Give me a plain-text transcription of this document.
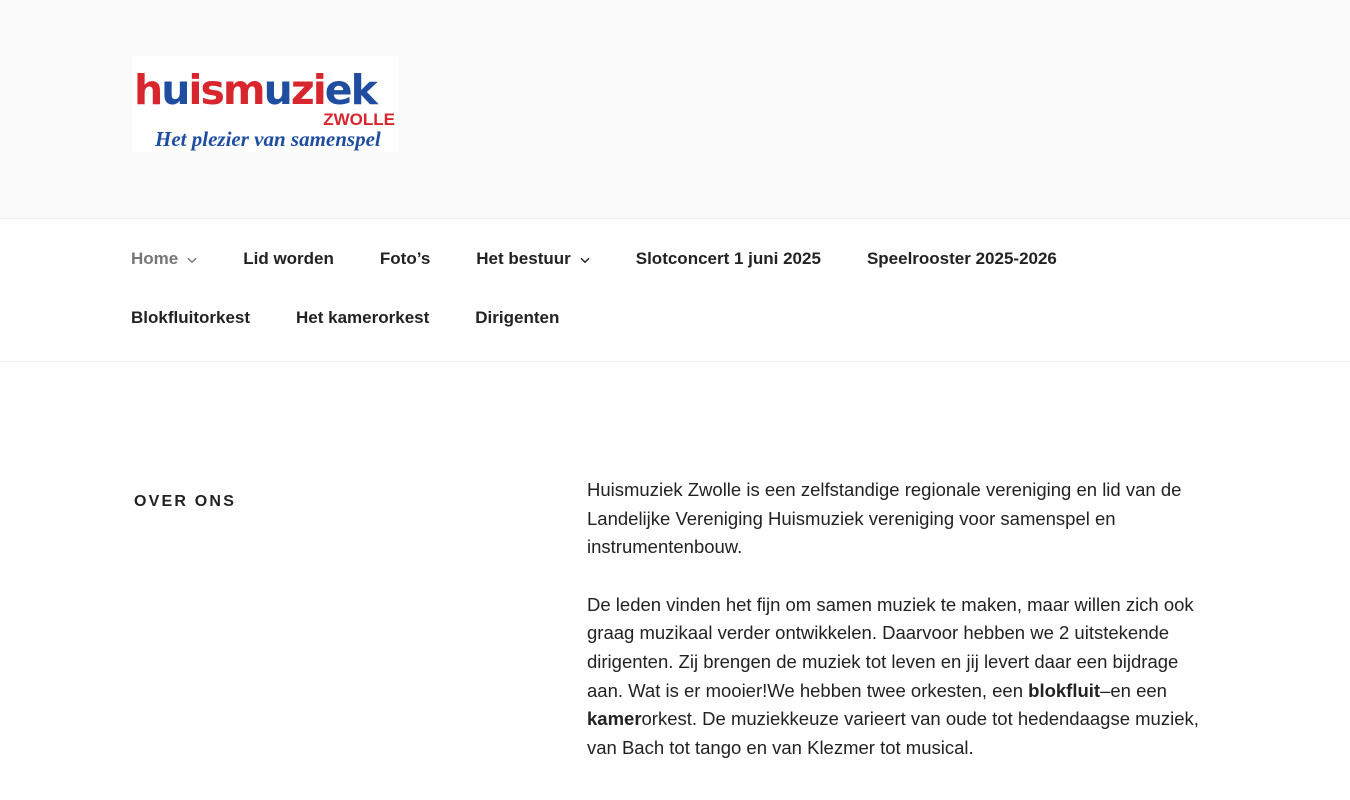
huismuziek
ZWOLLE
Het plezier van samenspel
Home	Lid worden	Foto’s	Het bestuur	Slotconcert 1 juni 2025	Speelrooster 2025-2026
Blokfluitorkest	Het kamerorkest	Dirigenten
OVER ONS

Huismuziek Zwolle is een zelfstandige regionale vereniging en lid van de Landelijke Vereniging Huismuziek vereniging voor samenspel en instrumentenbouw.

De leden vinden het fijn om samen muziek te maken, maar willen zich ook graag muzikaal verder ontwikkelen. Daarvoor hebben we 2 uitstekende dirigenten. Zij brengen de muziek tot leven en jij levert daar een bijdrage aan. Wat is er mooier!We hebben twee orkesten, een blokfluit–en een kamerorkest. De muziekkeuze varieert van oude tot hedendaagse muziek, van Bach tot tango en van Klezmer tot musical.
